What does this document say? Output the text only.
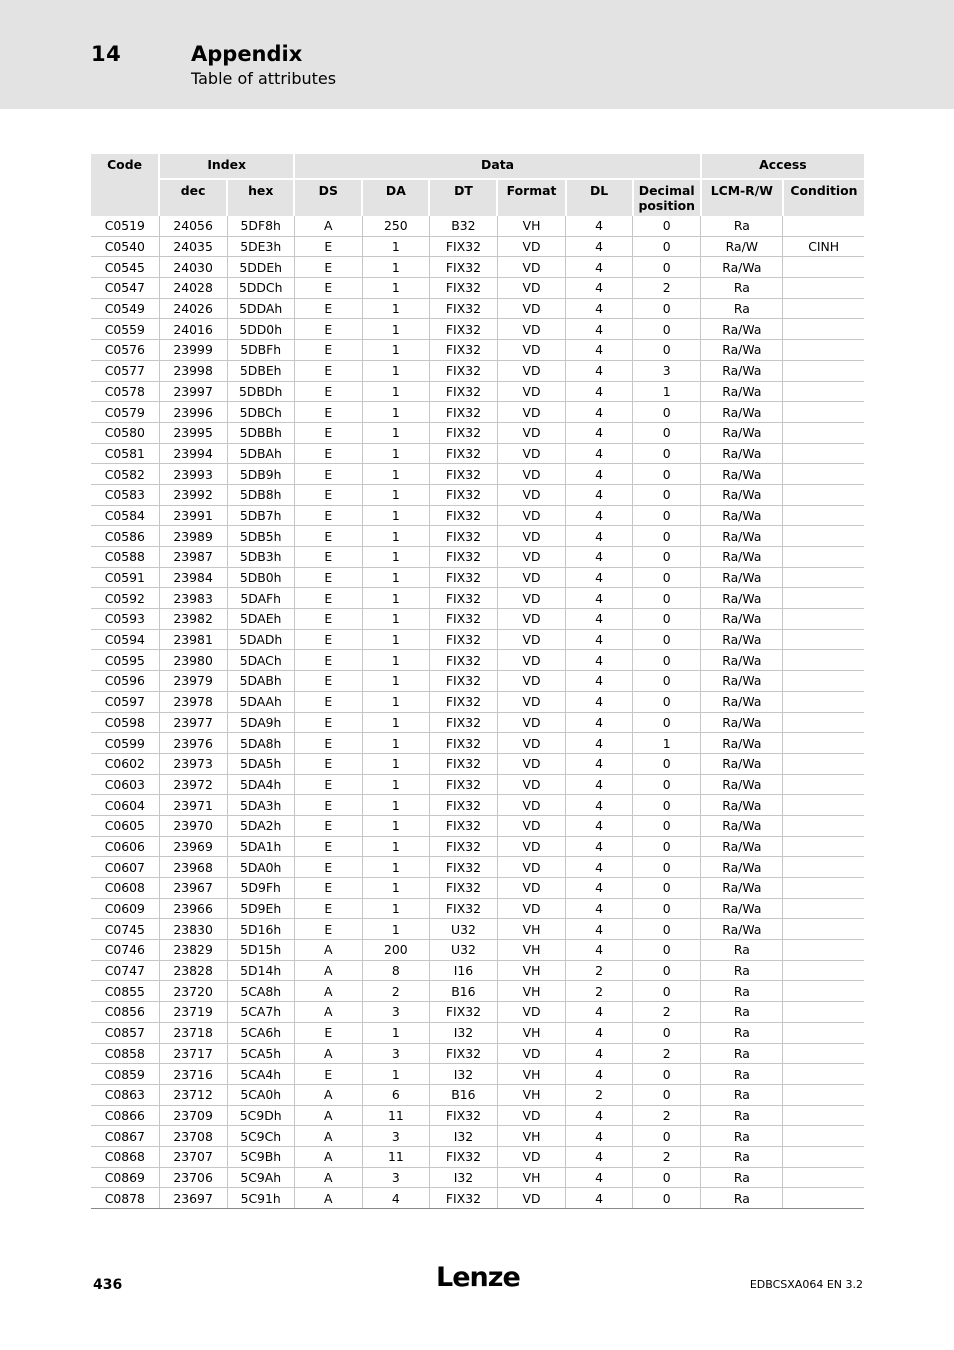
14	Appendix
Table of attributes
Code	Index		Data						Access	
	dec	hex	DS	DA	DT	Format	DL	Decimal position	LCM-R/W	Condition
C0519	24056	5DF8h	A	250	B32	VH	4	0	Ra	
C0540	24035	5DE3h	E	1	FIX32	VD	4	0	Ra/W	CINH
C0545	24030	5DDEh	E	1	FIX32	VD	4	0	Ra/Wa	
C0547	24028	5DDCh	E	1	FIX32	VD	4	2	Ra	
C0549	24026	5DDAh	E	1	FIX32	VD	4	0	Ra	
C0559	24016	5DD0h	E	1	FIX32	VD	4	0	Ra/Wa	
C0576	23999	5DBFh	E	1	FIX32	VD	4	0	Ra/Wa	
C0577	23998	5DBEh	E	1	FIX32	VD	4	3	Ra/Wa	
C0578	23997	5DBDh	E	1	FIX32	VD	4	1	Ra/Wa	
C0579	23996	5DBCh	E	1	FIX32	VD	4	0	Ra/Wa	
C0580	23995	5DBBh	E	1	FIX32	VD	4	0	Ra/Wa	
C0581	23994	5DBAh	E	1	FIX32	VD	4	0	Ra/Wa	
C0582	23993	5DB9h	E	1	FIX32	VD	4	0	Ra/Wa	
C0583	23992	5DB8h	E	1	FIX32	VD	4	0	Ra/Wa	
C0584	23991	5DB7h	E	1	FIX32	VD	4	0	Ra/Wa	
C0586	23989	5DB5h	E	1	FIX32	VD	4	0	Ra/Wa	
C0588	23987	5DB3h	E	1	FIX32	VD	4	0	Ra/Wa	
C0591	23984	5DB0h	E	1	FIX32	VD	4	0	Ra/Wa	
C0592	23983	5DAFh	E	1	FIX32	VD	4	0	Ra/Wa	
C0593	23982	5DAEh	E	1	FIX32	VD	4	0	Ra/Wa	
C0594	23981	5DADh	E	1	FIX32	VD	4	0	Ra/Wa	
C0595	23980	5DACh	E	1	FIX32	VD	4	0	Ra/Wa	
C0596	23979	5DABh	E	1	FIX32	VD	4	0	Ra/Wa	
C0597	23978	5DAAh	E	1	FIX32	VD	4	0	Ra/Wa	
C0598	23977	5DA9h	E	1	FIX32	VD	4	0	Ra/Wa	
C0599	23976	5DA8h	E	1	FIX32	VD	4	1	Ra/Wa	
C0602	23973	5DA5h	E	1	FIX32	VD	4	0	Ra/Wa	
C0603	23972	5DA4h	E	1	FIX32	VD	4	0	Ra/Wa	
C0604	23971	5DA3h	E	1	FIX32	VD	4	0	Ra/Wa	
C0605	23970	5DA2h	E	1	FIX32	VD	4	0	Ra/Wa	
C0606	23969	5DA1h	E	1	FIX32	VD	4	0	Ra/Wa	
C0607	23968	5DA0h	E	1	FIX32	VD	4	0	Ra/Wa	
C0608	23967	5D9Fh	E	1	FIX32	VD	4	0	Ra/Wa	
C0609	23966	5D9Eh	E	1	FIX32	VD	4	0	Ra/Wa	
C0745	23830	5D16h	E	1	U32	VH	4	0	Ra/Wa	
C0746	23829	5D15h	A	200	U32	VH	4	0	Ra	
C0747	23828	5D14h	A	8	I16	VH	2	0	Ra	
C0855	23720	5CA8h	A	2	B16	VH	2	0	Ra	
C0856	23719	5CA7h	A	3	FIX32	VD	4	2	Ra	
C0857	23718	5CA6h	E	1	I32	VH	4	0	Ra	
C0858	23717	5CA5h	A	3	FIX32	VD	4	2	Ra	
C0859	23716	5CA4h	E	1	I32	VH	4	0	Ra	
C0863	23712	5CA0h	A	6	B16	VH	2	0	Ra	
C0866	23709	5C9Dh	A	11	FIX32	VD	4	2	Ra	
C0867	23708	5C9Ch	A	3	I32	VH	4	0	Ra	
C0868	23707	5C9Bh	A	11	FIX32	VD	4	2	Ra	
C0869	23706	5C9Ah	A	3	I32	VH	4	0	Ra	
C0878	23697	5C91h	A	4	FIX32	VD	4	0	Ra	
436	Lenze	EDBCSXA064 EN 3.2
